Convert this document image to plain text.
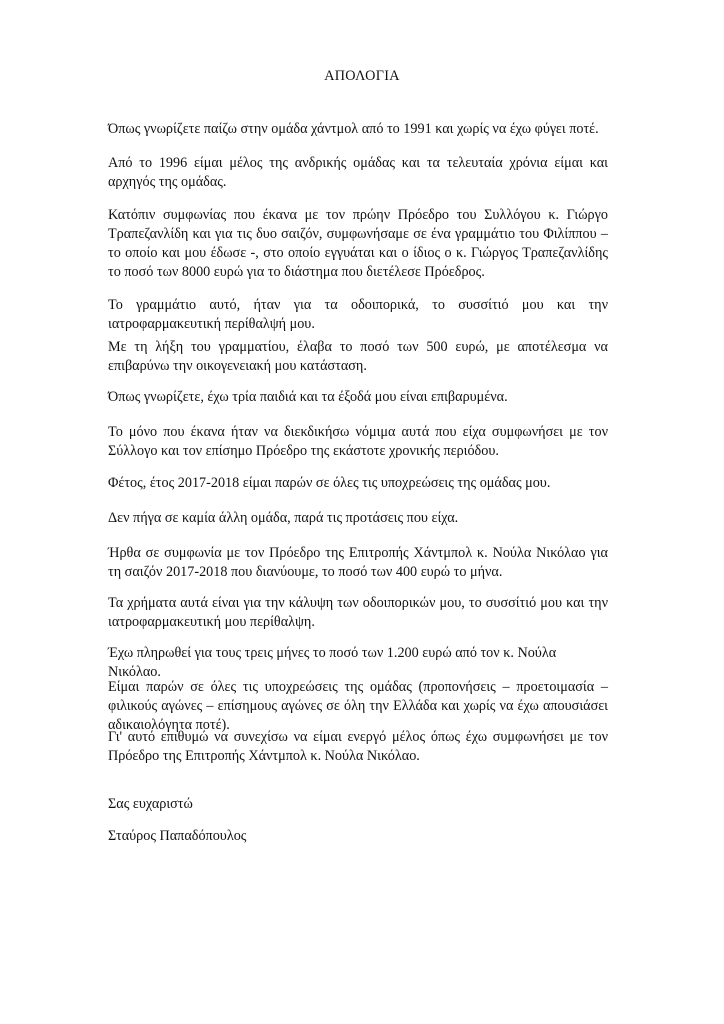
ΑΠΟΛΟΓΙΑ

Όπως γνωρίζετε παίζω στην ομάδα χάντμολ από το 1991 και χωρίς να έχω φύγει ποτέ.

Από το 1996 είμαι μέλος της ανδρικής ομάδας και τα τελευταία χρόνια είμαι και αρχηγός της ομάδας.

Κατόπιν συμφωνίας που έκανα με τον πρώην Πρόεδρο του Συλλόγου κ. Γιώργο Τραπεζανλίδη και για τις δυο σαιζόν, συμφωνήσαμε σε ένα γραμμάτιο του Φιλίππου – το οποίο και μου έδωσε -, στο οποίο εγγυάται και ο ίδιος ο κ. Γιώργος Τραπεζανλίδης το ποσό των 8000 ευρώ για το διάστημα που διετέλεσε Πρόεδρος.

Το γραμμάτιο αυτό, ήταν για τα οδοιπορικά, το συσσίτιό μου και την ιατροφαρμακευτική περίθαλψή μου.

Με τη λήξη του γραμματίου, έλαβα το ποσό των 500 ευρώ, με αποτέλεσμα να επιβαρύνω την οικογενειακή μου κατάσταση.

Όπως γνωρίζετε, έχω τρία παιδιά και τα έξοδά μου είναι επιβαρυμένα.

Το μόνο που έκανα ήταν να διεκδικήσω νόμιμα αυτά που είχα συμφωνήσει με τον Σύλλογο και τον επίσημο Πρόεδρο της εκάστοτε χρονικής περιόδου.

Φέτος, έτος 2017-2018 είμαι παρών σε όλες τις υποχρεώσεις της ομάδας μου.

Δεν πήγα σε καμία άλλη ομάδα, παρά τις προτάσεις που είχα.

Ήρθα σε συμφωνία με τον Πρόεδρο της Επιτροπής Χάντμπολ κ. Νούλα Νικόλαο για τη σαιζόν 2017-2018 που διανύουμε, το ποσό των 400 ευρώ το μήνα.

Τα χρήματα αυτά είναι για την κάλυψη των οδοιπορικών μου, το συσσίτιό μου και την ιατροφαρμακευτική μου περίθαλψη.

Έχω πληρωθεί για τους τρεις μήνες το ποσό των 1.200 ευρώ από τον κ. Νούλα Νικόλαο.

Είμαι παρών σε όλες τις υποχρεώσεις της ομάδας (προπονήσεις – προετοιμασία – φιλικούς αγώνες – επίσημους αγώνες σε όλη την Ελλάδα και χωρίς να έχω απουσιάσει αδικαιολόγητα ποτέ).

Γι' αυτό επιθυμώ να συνεχίσω να είμαι ενεργό μέλος όπως έχω συμφωνήσει με τον Πρόεδρο της Επιτροπής Χάντμπολ κ. Νούλα Νικόλαο.

Σας ευχαριστώ

Σταύρος Παπαδόπουλος
